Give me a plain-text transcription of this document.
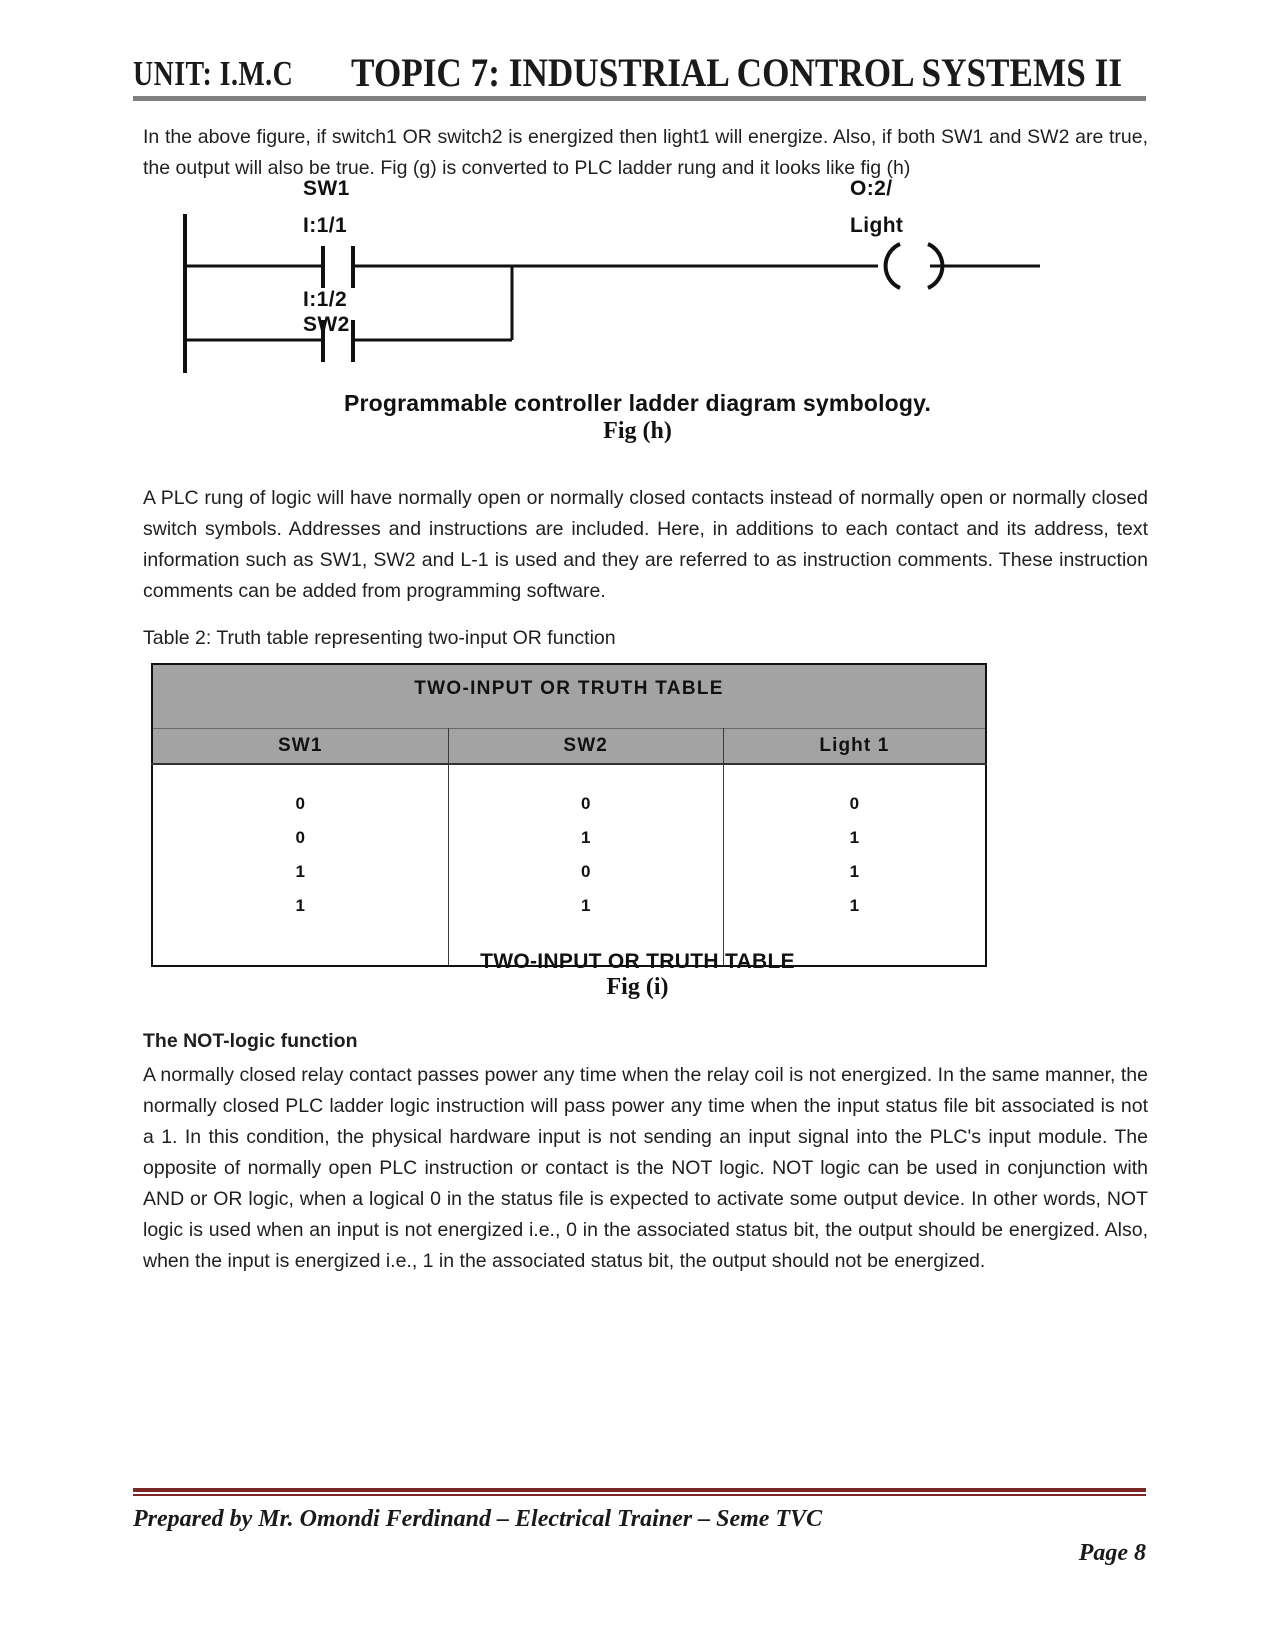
UNIT: I.M.C TOPIC 7: INDUSTRIAL CONTROL SYSTEMS II
In the above figure, if switch1 OR switch2 is energized then light1 will energize. Also, if both SW1 and SW2 are true, the output will also be true. Fig (g) is converted to PLC ladder rung and it looks like fig (h)
SW1
I:1/1
I:1/2
SW2
O:2/
Light
Programmable controller ladder diagram symbology.
Fig (h)
A PLC rung of logic will have normally open or normally closed contacts instead of normally open or normally closed switch symbols. Addresses and instructions are included. Here, in additions to each contact and its address, text information such as SW1, SW2 and L-1 is used and they are referred to as instruction comments. These instruction comments can be added from programming software.
Table 2: Truth table representing two-input OR function
TWO-INPUT OR TRUTH TABLE		
SW1	SW2	Light 1

0	0	0
0	1	1
1	0	1
1	1	1

TWO-INPUT OR TRUTH TABLE
Fig (i)
The NOT-logic function
A normally closed relay contact passes power any time when the relay coil is not energized. In the same manner, the normally closed PLC ladder logic instruction will pass power any time when the input status file bit associated is not a 1. In this condition, the physical hardware input is not sending an input signal into the PLC's input module. The opposite of normally open PLC instruction or contact is the NOT logic. NOT logic can be used in conjunction with AND or OR logic, when a logical 0 in the status file is expected to activate some output device. In other words, NOT logic is used when an input is not energized i.e., 0 in the associated status bit, the output should be energized. Also, when the input is energized i.e., 1 in the associated status bit, the output should not be energized.
Prepared by Mr. Omondi Ferdinand – Electrical Trainer – Seme TVC
Page 8
